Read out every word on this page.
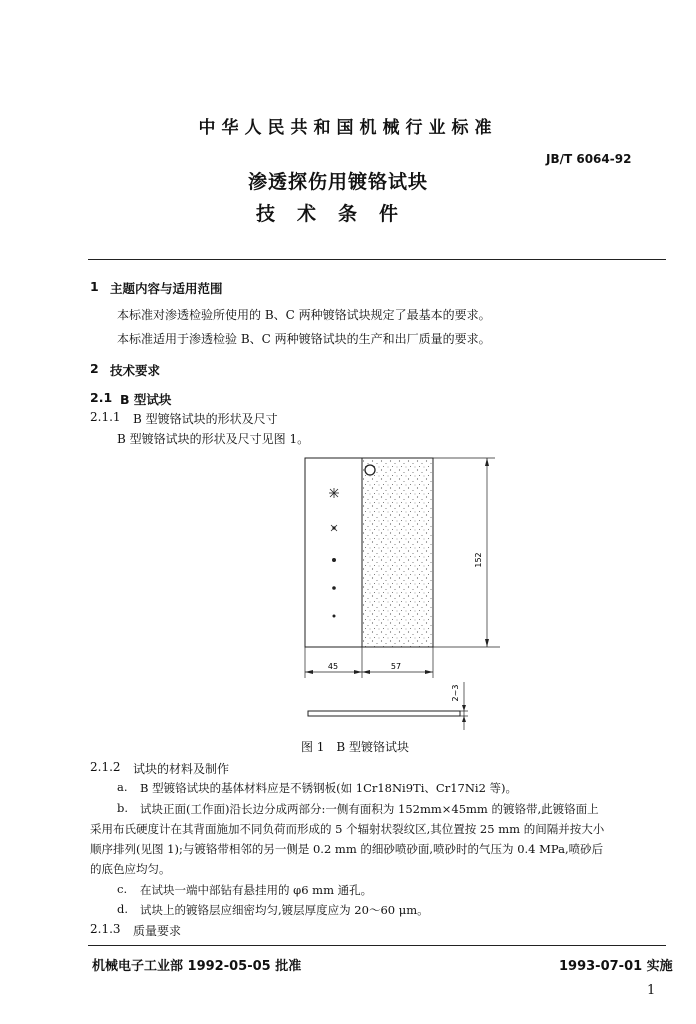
中华人民共和国机械行业标准
JB/T 6064-92
渗透探伤用镀铬试块
技术条件
1 主题内容与适用范围
本标准对渗透检验所使用的 B、C 两种镀铬试块规定了最基本的要求。
本标准适用于渗透检验 B、C 两种镀铬试块的生产和出厂质量的要求。
2 技术要求
2.1 B 型试块
2.1.1 B 型镀铬试块的形状及尺寸
B 型镀铬试块的形状及尺寸见图 1。
152
45	57
2~3
图 1　B 型镀铬试块
2.1.2 试块的材料及制作
a. B 型镀铬试块的基体材料应是不锈钢板(如 1Cr18Ni9Ti、Cr17Ni2 等)。
b. 试块正面(工作面)沿长边分成两部分:一侧有面积为 152mm×45mm 的镀铬带,此镀铬面上
采用布氏硬度计在其背面施加不同负荷而形成的 5 个辐射状裂纹区,其位置按 25 mm 的间隔并按大小
顺序排列(见图 1);与镀铬带相邻的另一侧是 0.2 mm 的细砂喷砂面,喷砂时的气压为 0.4 MPa,喷砂后
的底色应均匀。
c. 在试块一端中部钻有悬挂用的 φ6 mm 通孔。
d. 试块上的镀铬层应细密均匀,镀层厚度应为 20～60 μm。
2.1.3 质量要求
机械电子工业部 1992-05-05 批准	1993-07-01 实施
1
